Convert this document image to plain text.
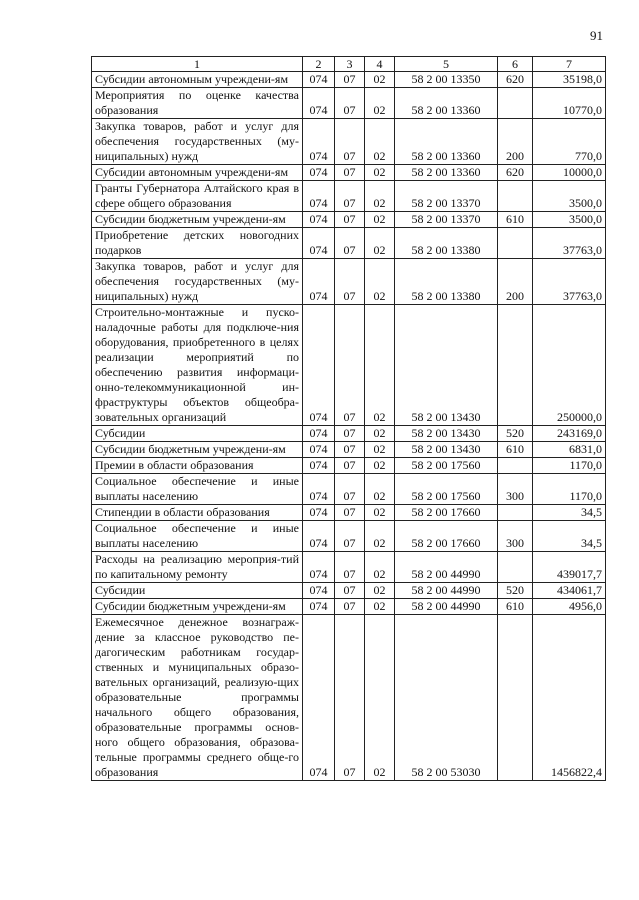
91
1	2	3	4	5	6	7
Субсидии автономным учреждени-ям	074	07	02	58 2 00 13350	620	35198,0
Мероприятия по оценке качества образования	074	07	02	58 2 00 13360		10770,0
Закупка товаров, работ и услуг для обеспечения государственных (му-ниципальных) нужд	074	07	02	58 2 00 13360	200	770,0
Субсидии автономным учреждени-ям	074	07	02	58 2 00 13360	620	10000,0
Гранты Губернатора Алтайского края в сфере общего образования	074	07	02	58 2 00 13370		3500,0
Субсидии бюджетным учреждени-ям	074	07	02	58 2 00 13370	610	3500,0
Приобретение детских новогодних подарков	074	07	02	58 2 00 13380		37763,0
Закупка товаров, работ и услуг для обеспечения государственных (му-ниципальных) нужд	074	07	02	58 2 00 13380	200	37763,0
Строительно-монтажные и пуско-наладочные работы для подключе-ния оборудования, приобретенного в целях реализации мероприятий по обеспечению развития информаци-онно-телекоммуникационной ин-фраструктуры объектов общеобра-зовательных организаций	074	07	02	58 2 00 13430		250000,0
Субсидии	074	07	02	58 2 00 13430	520	243169,0
Субсидии бюджетным учреждени-ям	074	07	02	58 2 00 13430	610	6831,0
Премии в области образования	074	07	02	58 2 00 17560		1170,0
Социальное обеспечение и иные выплаты населению	074	07	02	58 2 00 17560	300	1170,0
Стипендии в области образования	074	07	02	58 2 00 17660		34,5
Социальное обеспечение и иные выплаты населению	074	07	02	58 2 00 17660	300	34,5
Расходы на реализацию мероприя-тий по капитальному ремонту	074	07	02	58 2 00 44990		439017,7
Субсидии	074	07	02	58 2 00 44990	520	434061,7
Субсидии бюджетным учреждени-ям	074	07	02	58 2 00 44990	610	4956,0
Ежемесячное денежное вознаграж-дение за классное руководство пе-дагогическим работникам государ-ственных и муниципальных образо-вательных организаций, реализую-щих образовательные программы начального общего образования, образовательные программы основ-ного общего образования, образова-тельные программы среднего обще-го образования	074	07	02	58 2 00 53030		1456822,4
